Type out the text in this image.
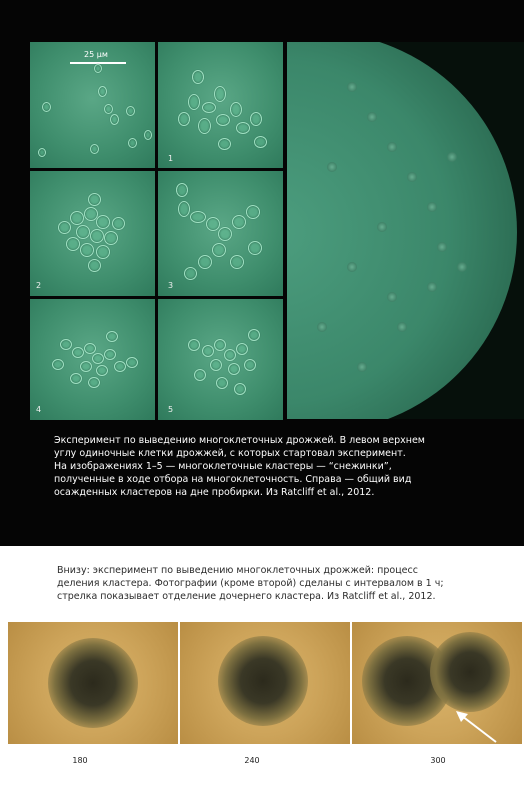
25 μм
1
2	3
4	5

Эксперимент по выведению многоклеточных дрожжей. В левом верхнем

углу одиночные клетки дрожжей, с которых стартовал эксперимент.

На изображениях 1–5 — многоклеточные кластеры — “снежинки”,

полученные в ходе отбора на многоклеточность. Справа — общий вид

осажденных кластеров на дне пробирки. Из Ratcliff et al., 2012.

Внизу: эксперимент по выведению многоклеточных дрожжей: процесс

деления кластера. Фотографии (кроме второй) сделаны с интервалом в 1 ч;

стрелка показывает отделение дочернего кластера. Из Ratcliff et al., 2012.

180	240	300
